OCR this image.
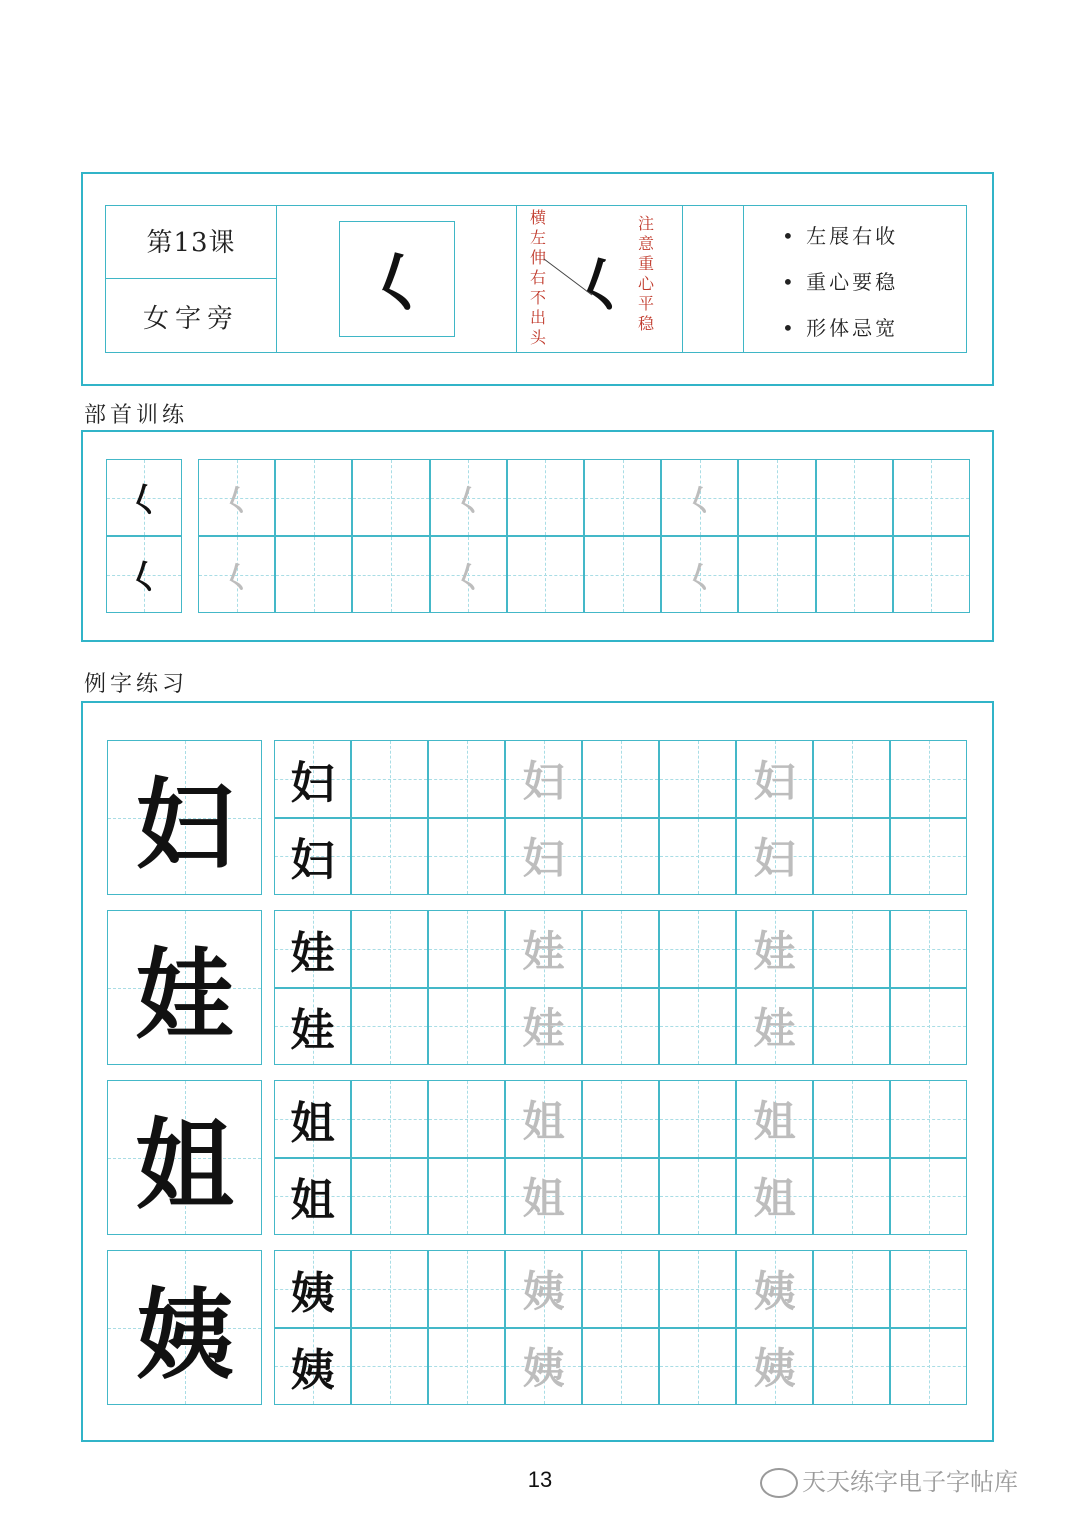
第13课
女字旁	𡿨
横左伸右不出头
𡿨
注意重心平稳
• 左展右收
• 重心要稳
• 形体忌宽
部首训练
𡿨	𡿨	𡿨	𡿨
𡿨	𡿨	𡿨	𡿨
例字练习
妇	妇	妇	妇
妇	妇	妇
娃	娃	娃	娃
娃	娃	娃
姐	姐	姐	姐
姐	姐	姐
姨	姨	姨	姨
姨	姨	姨
13	天天练字电子字帖库
